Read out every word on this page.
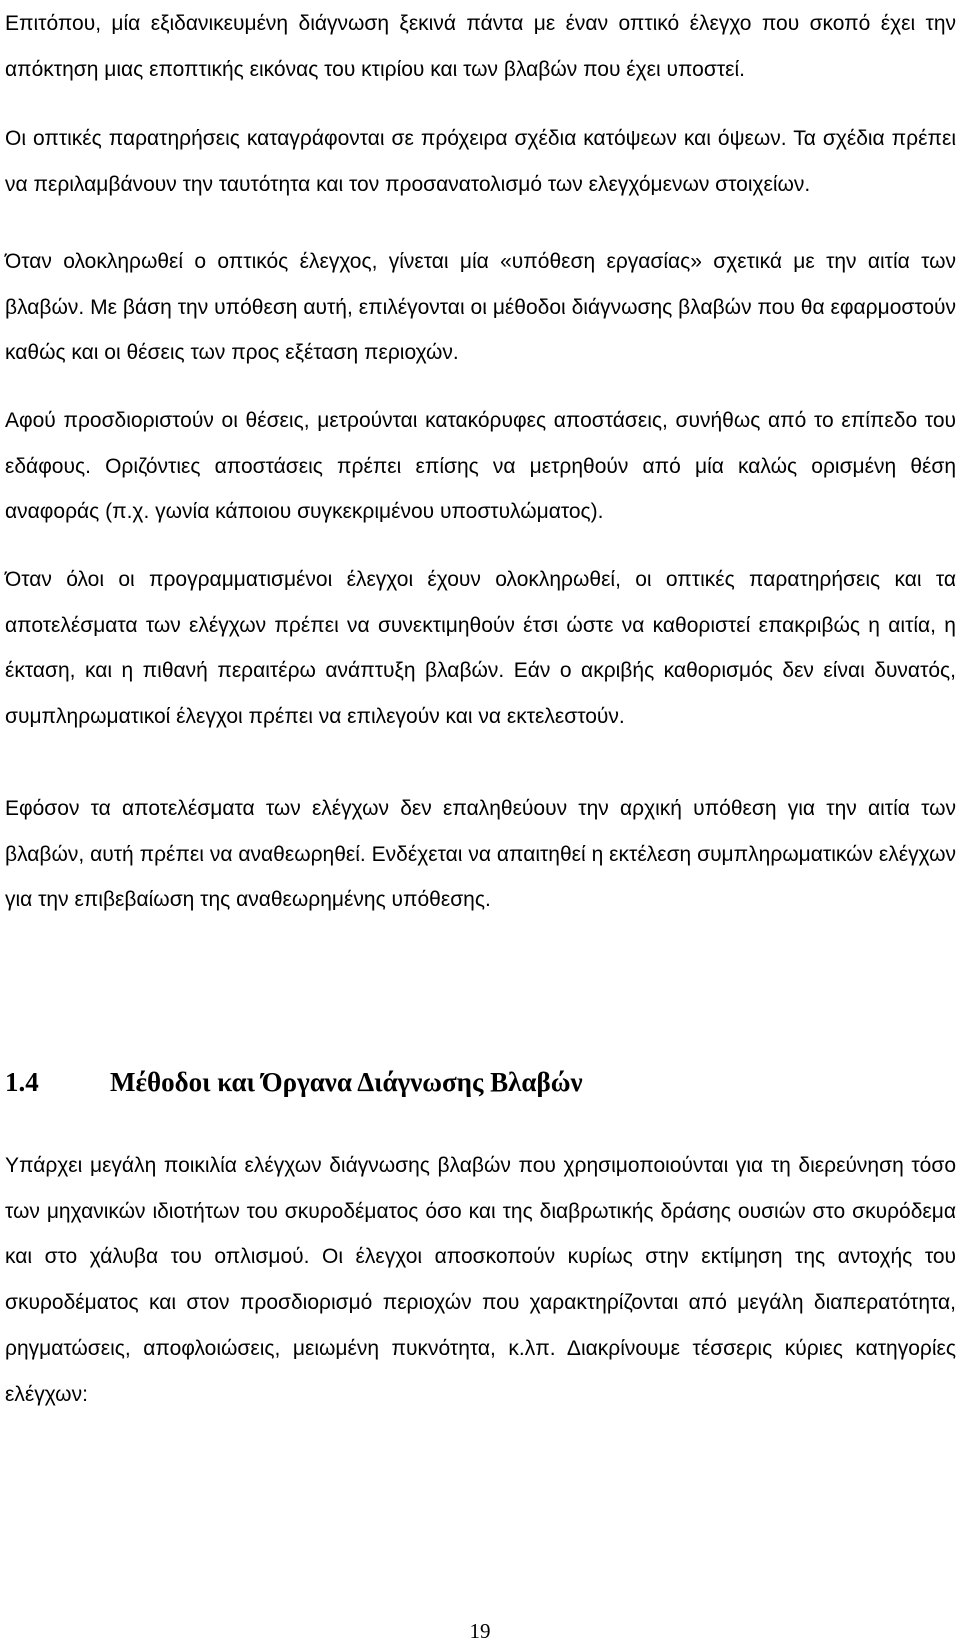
Επιτόπου, μία εξιδανικευμένη διάγνωση ξεκινά πάντα με έναν οπτικό έλεγχο που σκοπό έχει την απόκτηση μιας εποπτικής εικόνας του κτιρίου και των βλαβών που έχει υποστεί.

Οι οπτικές παρατηρήσεις καταγράφονται σε πρόχειρα σχέδια κατόψεων και όψεων. Τα σχέδια πρέπει να περιλαμβάνουν την ταυτότητα και τον προσανατολισμό των ελεγχόμενων στοιχείων.

Όταν ολοκληρωθεί ο οπτικός έλεγχος, γίνεται μία «υπόθεση εργασίας» σχετικά με την αιτία των βλαβών. Με βάση την υπόθεση αυτή, επιλέγονται οι μέθοδοι διάγνωσης βλαβών που θα εφαρμοστούν καθώς και οι θέσεις των προς εξέταση περιοχών.

Αφού προσδιοριστούν οι θέσεις, μετρούνται κατακόρυφες αποστάσεις, συνήθως από το επίπεδο του εδάφους. Οριζόντιες αποστάσεις πρέπει επίσης να μετρηθούν από μία καλώς ορισμένη θέση αναφοράς (π.χ. γωνία κάποιου συγκεκριμένου υποστυλώματος).

Όταν όλοι οι προγραμματισμένοι έλεγχοι έχουν ολοκληρωθεί, οι οπτικές παρατηρήσεις και τα αποτελέσματα των ελέγχων πρέπει να συνεκτιμηθούν έτσι ώστε να καθοριστεί επακριβώς η αιτία, η έκταση, και η πιθανή περαιτέρω ανάπτυξη βλαβών. Εάν ο ακριβής καθορισμός δεν είναι δυνατός, συμπληρωματικοί έλεγχοι πρέπει να επιλεγούν και να εκτελεστούν.

Εφόσον τα αποτελέσματα των ελέγχων δεν επαληθεύουν την αρχική υπόθεση για την αιτία των βλαβών, αυτή πρέπει να αναθεωρηθεί. Ενδέχεται να απαιτηθεί η εκτέλεση συμπληρωματικών ελέγχων για την επιβεβαίωση της αναθεωρημένης υπόθεσης.

1.4	Μέθοδοι και Όργανα Διάγνωσης Βλαβών

Υπάρχει μεγάλη ποικιλία ελέγχων διάγνωσης βλαβών που χρησιμοποιούνται για τη διερεύνηση τόσο των μηχανικών ιδιοτήτων του σκυροδέματος όσο και της διαβρωτικής δράσης ουσιών στο σκυρόδεμα και στο χάλυβα του οπλισμού. Οι έλεγχοι αποσκοπούν κυρίως στην εκτίμηση της αντοχής του σκυροδέματος και στον προσδιορισμό περιοχών που χαρακτηρίζονται από μεγάλη διαπερατότητα, ρηγματώσεις, αποφλοιώσεις, μειωμένη πυκνότητα, κ.λπ. Διακρίνουμε τέσσερις κύριες κατηγορίες ελέγχων:

19
